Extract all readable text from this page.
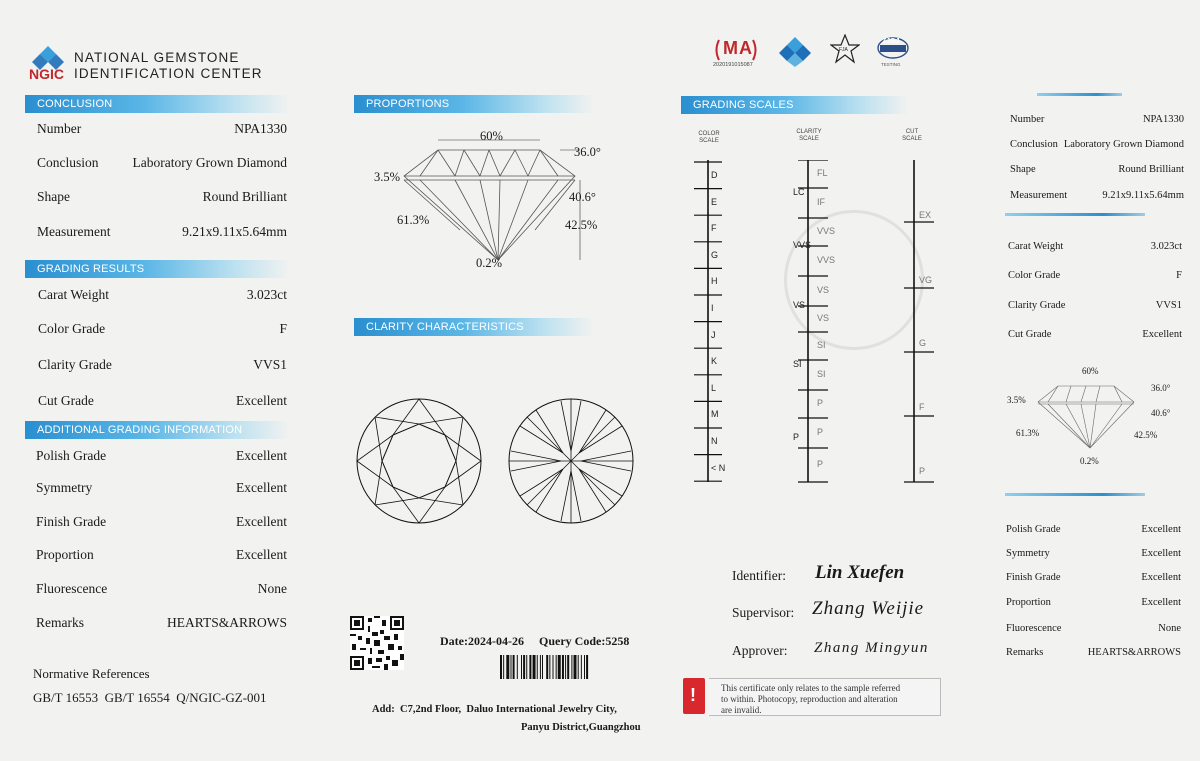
NGIC
NATIONAL GEMSTONE
IDENTIFICATION CENTER
CONCLUSION
Number	NPA1330
Conclusion	Laboratory Grown Diamond
Shape	Round Brilliant
Measurement	9.21x9.11x5.64mm
GRADING RESULTS
Carat Weight	3.023ct
Color Grade	F
Clarity Grade	VVS1
Cut Grade	Excellent
ADDITIONAL GRADING INFORMATION
Polish Grade	Excellent
Symmetry	Excellent
Finish Grade	Excellent
Proportion	Excellent
Fluorescence	None
Remarks	HEARTS&ARROWS
Normative References
GB/T 16553  GB/T 16554  Q/NGIC-GZ-001
PROPORTIONS
60%
36.0°
3.5%
40.6°
61.3%	42.5%
0.2%
CLARITY CHARACTERISTICS
Date:2024-04-26 Query Code:5258
Add:  C7,2nd Floor,  Daluo International Jewelry City,
Panyu District,Guangzhou
MA
2020191015087
FJA
ZJGJ
TESTING
GRADING SCALES
COLOR SCALE
CLARITY SCALE
CUT SCALE
D
E
F
G
H
I
J
K
L
M
N
< N
FL
IF
VVS
VVS
VS
VS
SI
SI
P
P
P
LC
VVS
VS
SI
P
EX
VG
G
F
P
Identifier: Lin Xuefen
Supervisor: Zhang Weijie
Approver: Zhang Mingyun
!	This certificate only relates to the sample referred
to within. Photocopy, reproduction and alteration
are invalid.
Number	NPA1330
Conclusion Laboratory Grown Diamond
Shape	Round Brilliant
Measurement	9.21x9.11x5.64mm
Carat Weight	3.023ct
Color Grade	F
Clarity Grade	VVS1
Cut Grade	Excellent
60%
36.0°
3.5%
40.6°
61.3%	42.5%
0.2%
Polish Grade	Excellent
Symmetry	Excellent
Finish Grade	Excellent
Proportion	Excellent
Fluorescence	None
Remarks	HEARTS&ARROWS
